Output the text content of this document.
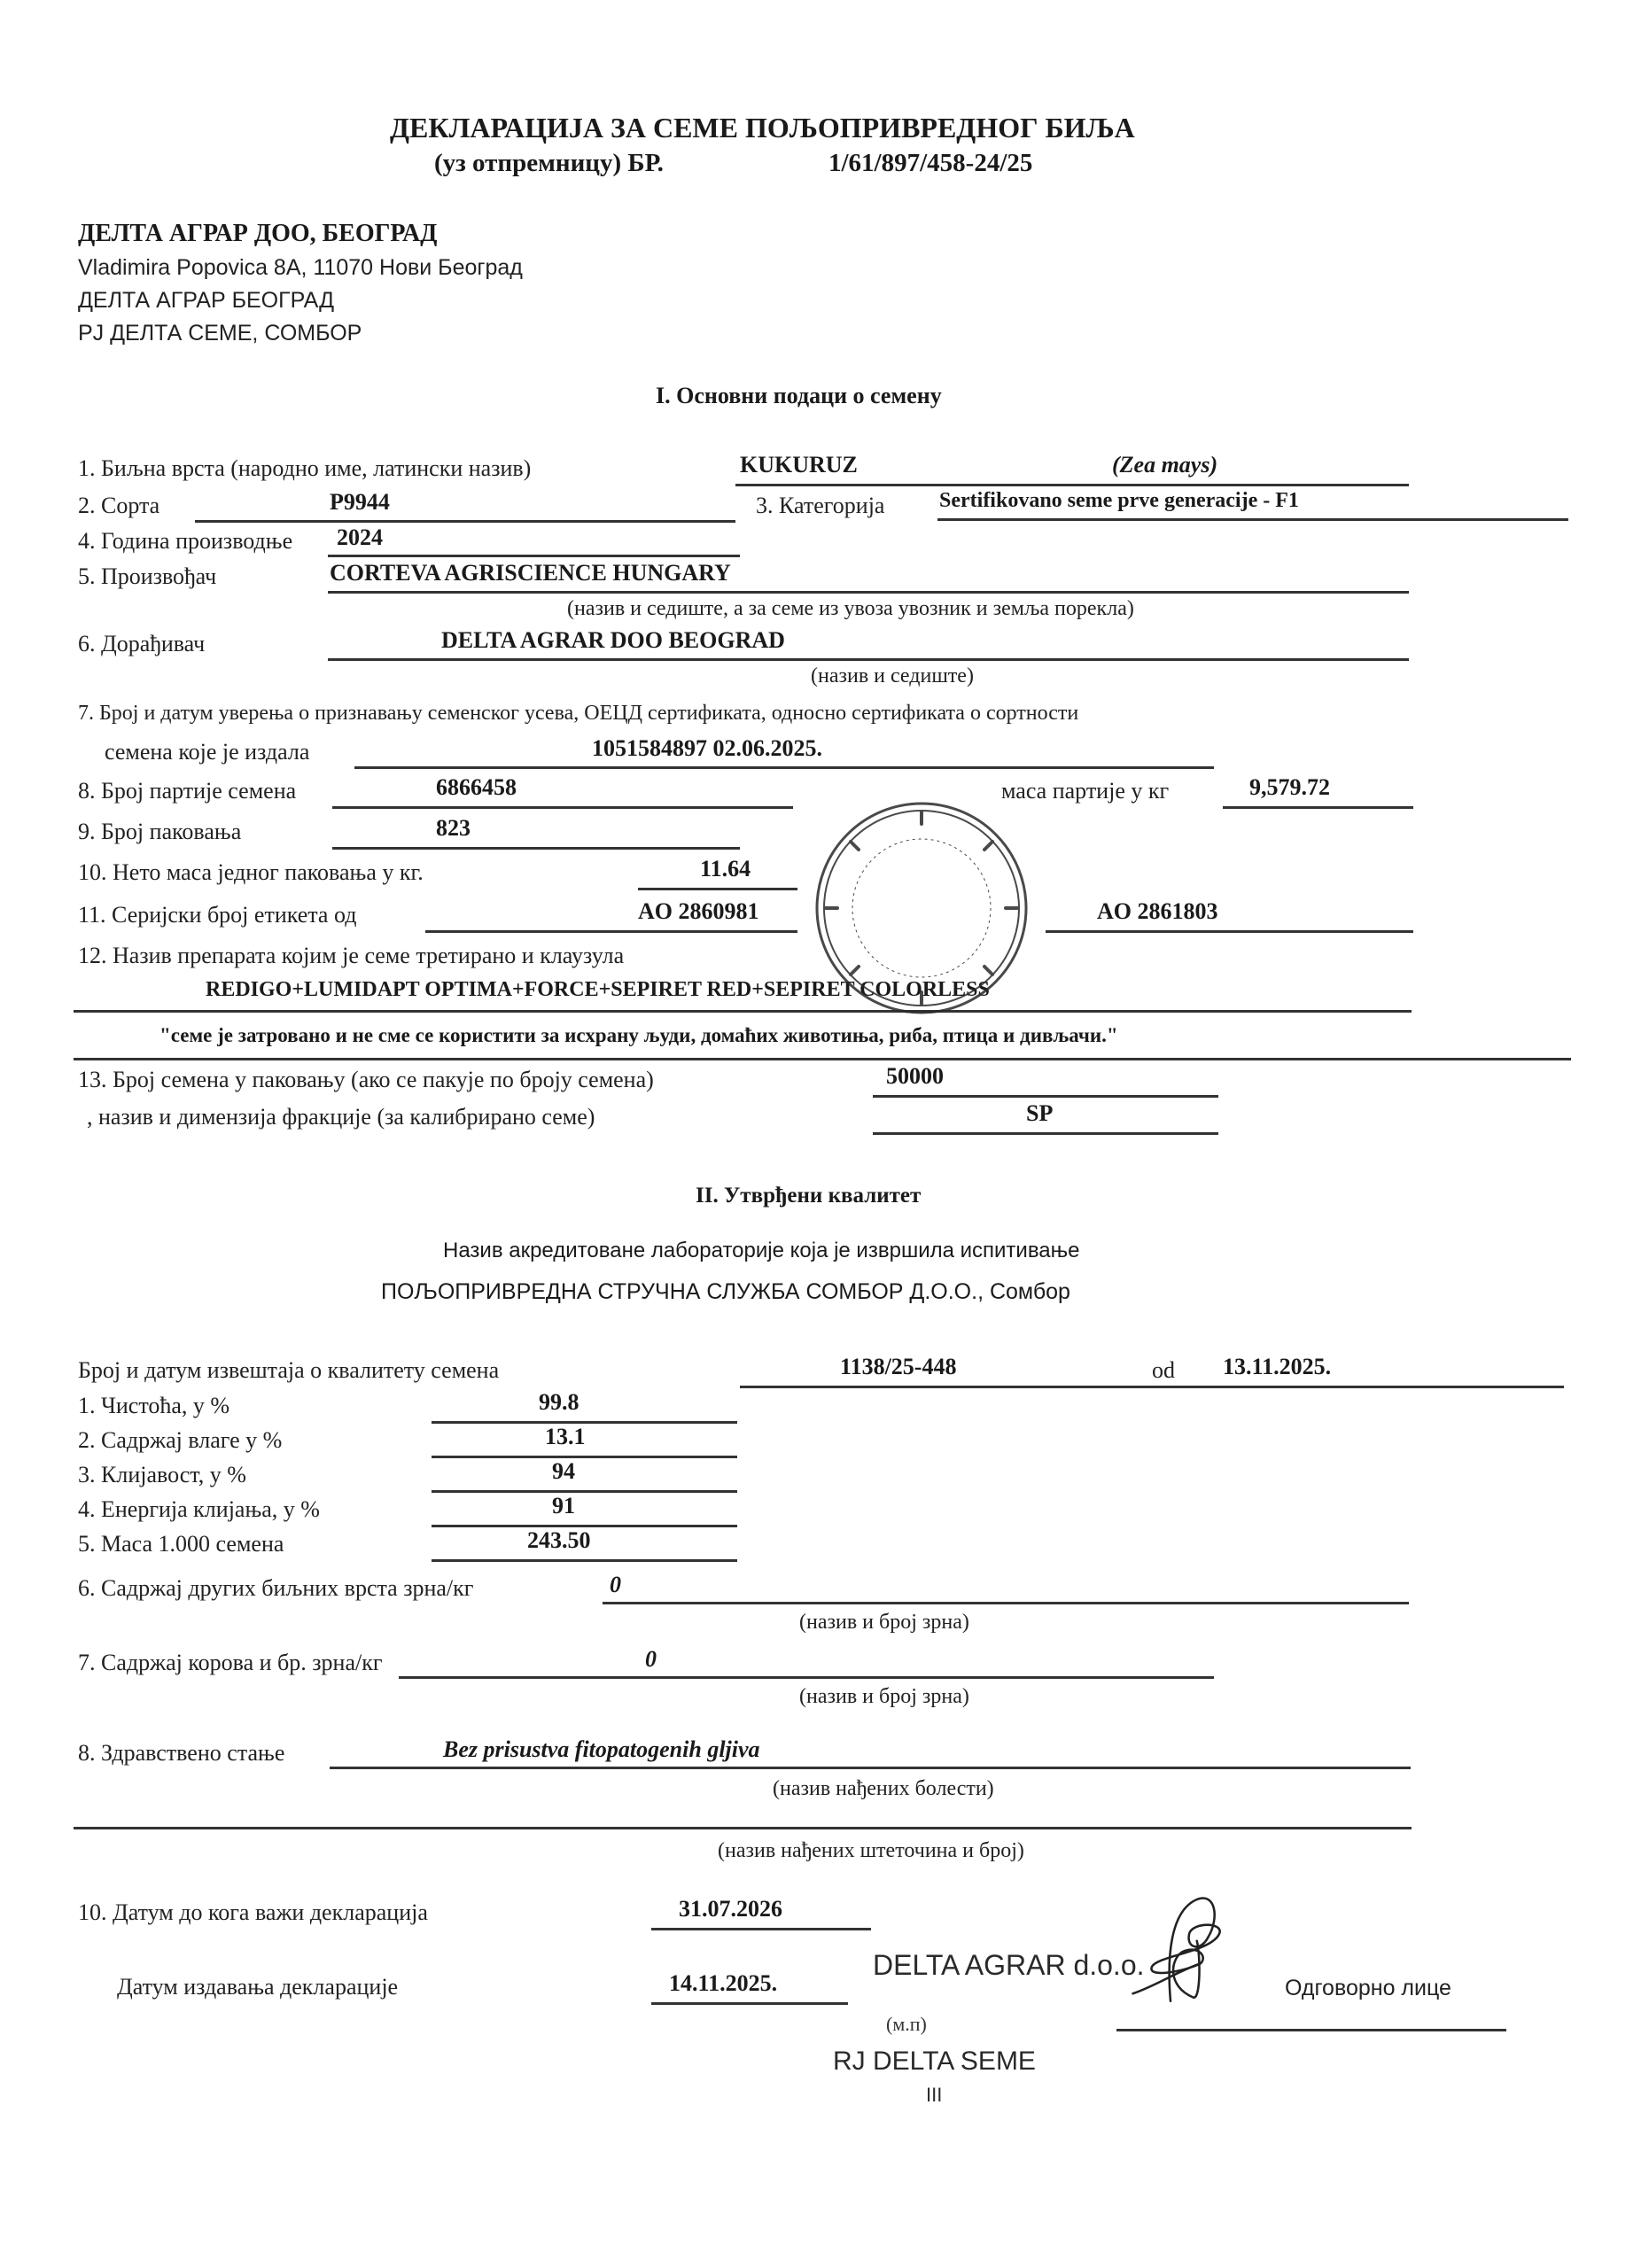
ДЕКЛАРАЦИЈА ЗА СЕМЕ ПОЉОПРИВРЕДНОГ БИЉА
(уз отпремницу) БР.	1/61/897/458-24/25
ДЕЛТА АГРАР ДОО, БЕОГРАД
Vladimira Popovica 8A, 11070 Нови Београд
ДЕЛТА АГРАР БЕОГРАД
РЈ ДЕЛТА СЕМЕ, СОМБОР
I. Основни подаци о семену
1. Биљна врста (народно име, латински назив)	KUKURUZ	(Zea mays)
2. Сорта	P9944	3. Категорија	Sertifikovano seme prve generacije - F1
4. Година производње 2024
5. Произвођач	CORTEVA AGRISCIENCE HUNGARY
(назив и седиште, а за семе из увоза увозник и земља порекла)
6. Дорађивач	DELTA AGRAR DOO BEOGRAD
(назив и седиште)
7. Број и датум уверења о признавању семенског усева, ОЕЦД сертификата, односно сертификата о сортности
семена које је издала	1051584897 02.06.2025.
8. Број партије семена	6866458	маса партије у кг	9,579.72
9. Број паковања	823
10. Нето маса једног паковања у кг.	11.64
11. Серијски број етикета од	AO 2860981	AO 2861803
12. Назив препарата којим је семе третирано и клаузула
REDIGO+LUMIDAPT OPTIMA+FORCE+SEPIRET RED+SEPIRET COLORLESS
"семе је затровано и не сме се користити за исхрану људи, домаћих животиња, риба, птица и дивљачи."
13. Број семена у паковању (ако се пакује по броју семена)	50000
, назив и димензија фракције (за калибрирано семе)	SP
II. Утврђени квалитет
Назив акредитоване лабораторије која је извршила испитивање
ПОЉОПРИВРЕДНА СТРУЧНА СЛУЖБА СОМБОР Д.О.О., Сомбор
Број и датум извештаја о квалитету семена	1138/25-448	od 13.11.2025.
1. Чистоћа, у %	99.8
2. Садржај влаге у %	13.1
3. Клијавост, у %	94
4. Енергија клијања, у %	91
5. Маса 1.000 семена	243.50
6. Садржај других биљних врста зрна/кг	0
(назив и број зрна)
7. Садржај корова и бр. зрна/кг	0
(назив и број зрна)
8. Здравствено стање	Bez prisustva fitopatogenih gljiva
(назив нађених болести)
(назив нађених штеточина и број)
10. Датум до кога важи декларација	31.07.2026
Датум издавања декларације	14.11.2025.
(м.п)
DELTA AGRAR d.o.o.
RJ DELTA SEME
III
Одговорно лице
